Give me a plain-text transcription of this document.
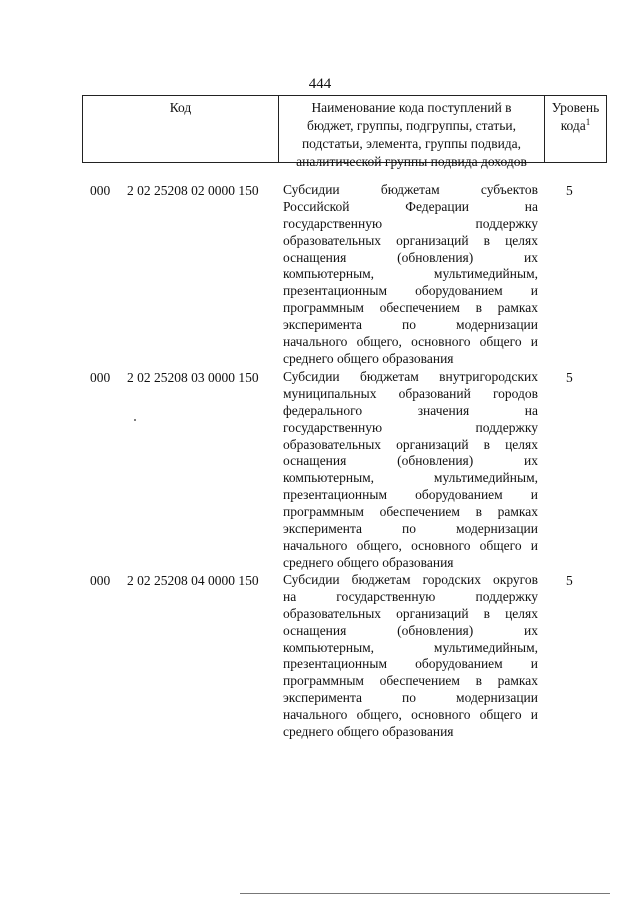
444
Код	Наименование кода поступлений в
бюджет, группы, подгруппы, статьи,
подстатьи, элемента, группы подвида,
аналитической группы подвида доходов
Уровень
кода$^1$
000 2 02 25208 02 0000 150 Субсидии бюджетам субъектов
Российской Федерации на
государственную поддержку
образовательных организаций в целях
оснащения (обновления) их
компьютерным, мультимедийным,
презентационным оборудованием и
программным обеспечением в рамках
эксперимента по модернизации
начального общего, основного общего и
среднего общего образования
5
000 2 02 25208 03 0000 150 Субсидии бюджетам внутригородских
муниципальных образований городов
федерального значения на
государственную поддержку
образовательных организаций в целях
оснащения (обновления) их
компьютерным, мультимедийным,
презентационным оборудованием и
программным обеспечением в рамках
эксперимента по модернизации
начального общего, основного общего и
среднего общего образования
5
000 2 02 25208 04 0000 150 Субсидии бюджетам городских округов
на государственную поддержку
образовательных организаций в целях
оснащения (обновления) их
компьютерным, мультимедийным,
презентационным оборудованием и
программным обеспечением в рамках
эксперимента по модернизации
начального общего, основного общего и
среднего общего образования
5
